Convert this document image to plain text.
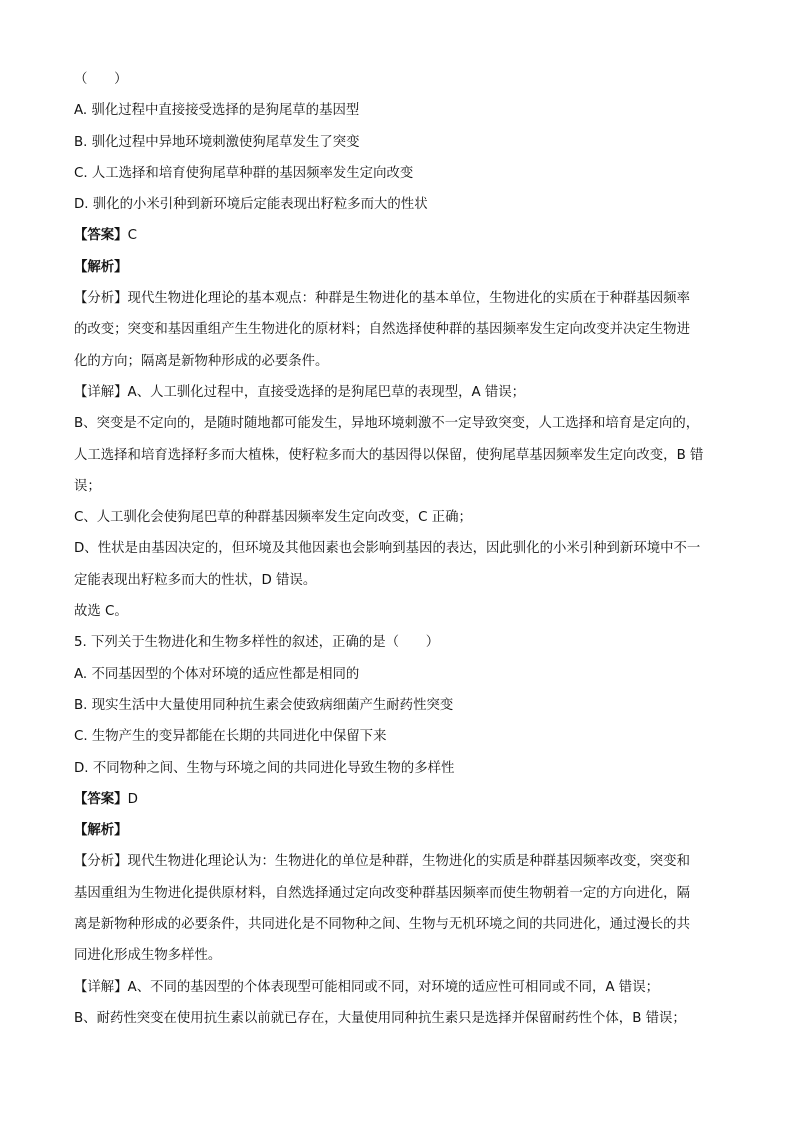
（　　）
A. 驯化过程中直接接受选择的是狗尾草的基因型
B. 驯化过程中异地环境刺激使狗尾草发生了突变
C. 人工选择和培育使狗尾草种群的基因频率发生定向改变
D. 驯化的小米引种到新环境后定能表现出籽粒多而大的性状
【答案】C
【解析】
【分析】现代生物进化理论的基本观点：种群是生物进化的基本单位，生物进化的实质在于种群基因频率
的改变；突变和基因重组产生生物进化的原材料；自然选择使种群的基因频率发生定向改变并决定生物进
化的方向；隔离是新物种形成的必要条件。
【详解】A、人工驯化过程中，直接受选择的是狗尾巴草的表现型，A 错误；
B、突变是不定向的，是随时随地都可能发生，异地环境刺激不一定导致突变，人工选择和培育是定向的，
人工选择和培育选择籽多而大植株，使籽粒多而大的基因得以保留，使狗尾草基因频率发生定向改变，B 错
误；
C、人工驯化会使狗尾巴草的种群基因频率发生定向改变，C 正确；
D、性状是由基因决定的，但环境及其他因素也会影响到基因的表达，因此驯化的小米引种到新环境中不一
定能表现出籽粒多而大的性状，D 错误。
故选 C。
5. 下列关于生物进化和生物多样性的叙述，正确的是（　　）
A. 不同基因型的个体对环境的适应性都是相同的
B. 现实生活中大量使用同种抗生素会使致病细菌产生耐药性突变
C. 生物产生的变异都能在长期的共同进化中保留下来
D. 不同物种之间、生物与环境之间的共同进化导致生物的多样性
【答案】D
【解析】
【分析】现代生物进化理论认为：生物进化的单位是种群，生物进化的实质是种群基因频率改变，突变和
基因重组为生物进化提供原材料，自然选择通过定向改变种群基因频率而使生物朝着一定的方向进化，隔
离是新物种形成的必要条件，共同进化是不同物种之间、生物与无机环境之间的共同进化，通过漫长的共
同进化形成生物多样性。
【详解】A、不同的基因型的个体表现型可能相同或不同，对环境的适应性可相同或不同，A 错误；
B、耐药性突变在使用抗生素以前就已存在，大量使用同种抗生素只是选择并保留耐药性个体，B 错误；
